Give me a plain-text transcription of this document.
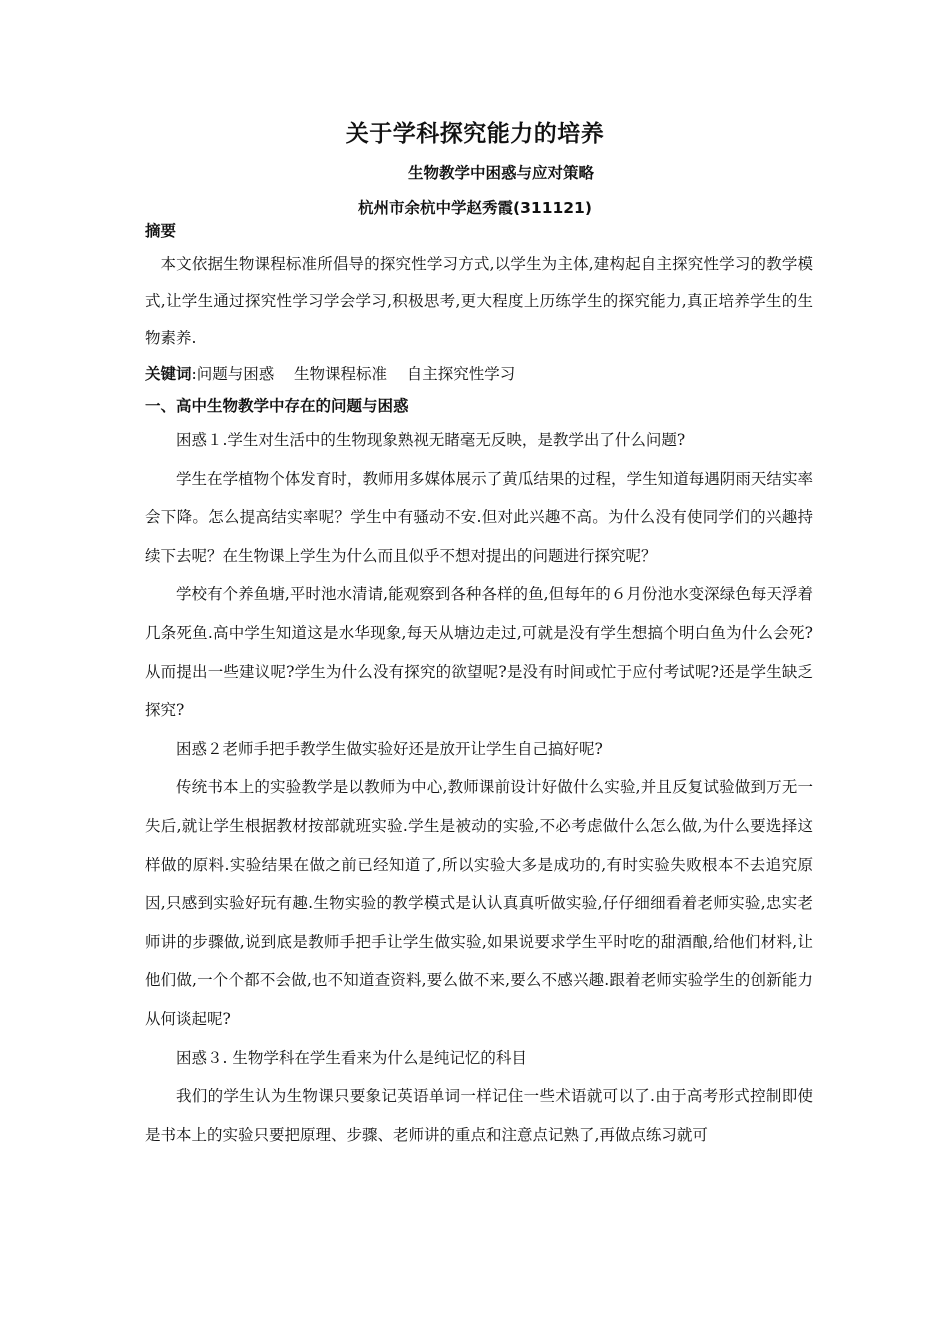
关于学科探究能力的培养
生物教学中困惑与应对策略
杭州市余杭中学赵秀霞(311121)

摘要

本文依据生物课程标准所倡导的探究性学习方式,以学生为主体,建构起自主探究性学习的教学模式,让学生通过探究性学习学会学习,积极思考,更大程度上历练学生的探究能力,真正培养学生的生物素养.

关键词:问题与困惑 生物课程标准 自主探究性学习

一、高中生物教学中存在的问题与困惑

困惑１.学生对生活中的生物现象熟视无睹毫无反映，是教学出了什么问题?

学生在学植物个体发育时，教师用多媒体展示了黄瓜结果的过程，学生知道每遇阴雨天结实率会下降。怎么提高结实率呢？学生中有骚动不安.但对此兴趣不高。为什么没有使同学们的兴趣持续下去呢？在生物课上学生为什么而且似乎不想对提出的问题进行探究呢？

学校有个养鱼塘,平时池水清请,能观察到各种各样的鱼,但每年的６月份池水变深绿色每天浮着几条死鱼.高中学生知道这是水华现象,每天从塘边走过,可就是没有学生想搞个明白鱼为什么会死?从而提出一些建议呢?学生为什么没有探究的欲望呢?是没有时间或忙于应付考试呢?还是学生缺乏探究?

困惑２老师手把手教学生做实验好还是放开让学生自己搞好呢?

传统书本上的实验教学是以教师为中心,教师课前设计好做什么实验,并且反复试验做到万无一失后,就让学生根据教材按部就班实验.学生是被动的实验,不必考虑做什么怎么做,为什么要选择这样做的原料.实验结果在做之前已经知道了,所以实验大多是成功的,有时实验失败根本不去追究原因,只感到实验好玩有趣.生物实验的教学模式是认认真真听做实验,仔仔细细看着老师实验,忠实老师讲的步骤做,说到底是教师手把手让学生做实验,如果说要求学生平时吃的甜酒酿,给他们材料,让他们做,一个个都不会做,也不知道查资料,要么做不来,要么不感兴趣.跟着老师实验学生的创新能力从何谈起呢?

困惑３. 生物学科在学生看来为什么是纯记忆的科目

我们的学生认为生物课只要象记英语单词一样记住一些术语就可以了.由于高考形式控制即使是书本上的实验只要把原理、步骤、老师讲的重点和注意点记熟了,再做点练习就可
